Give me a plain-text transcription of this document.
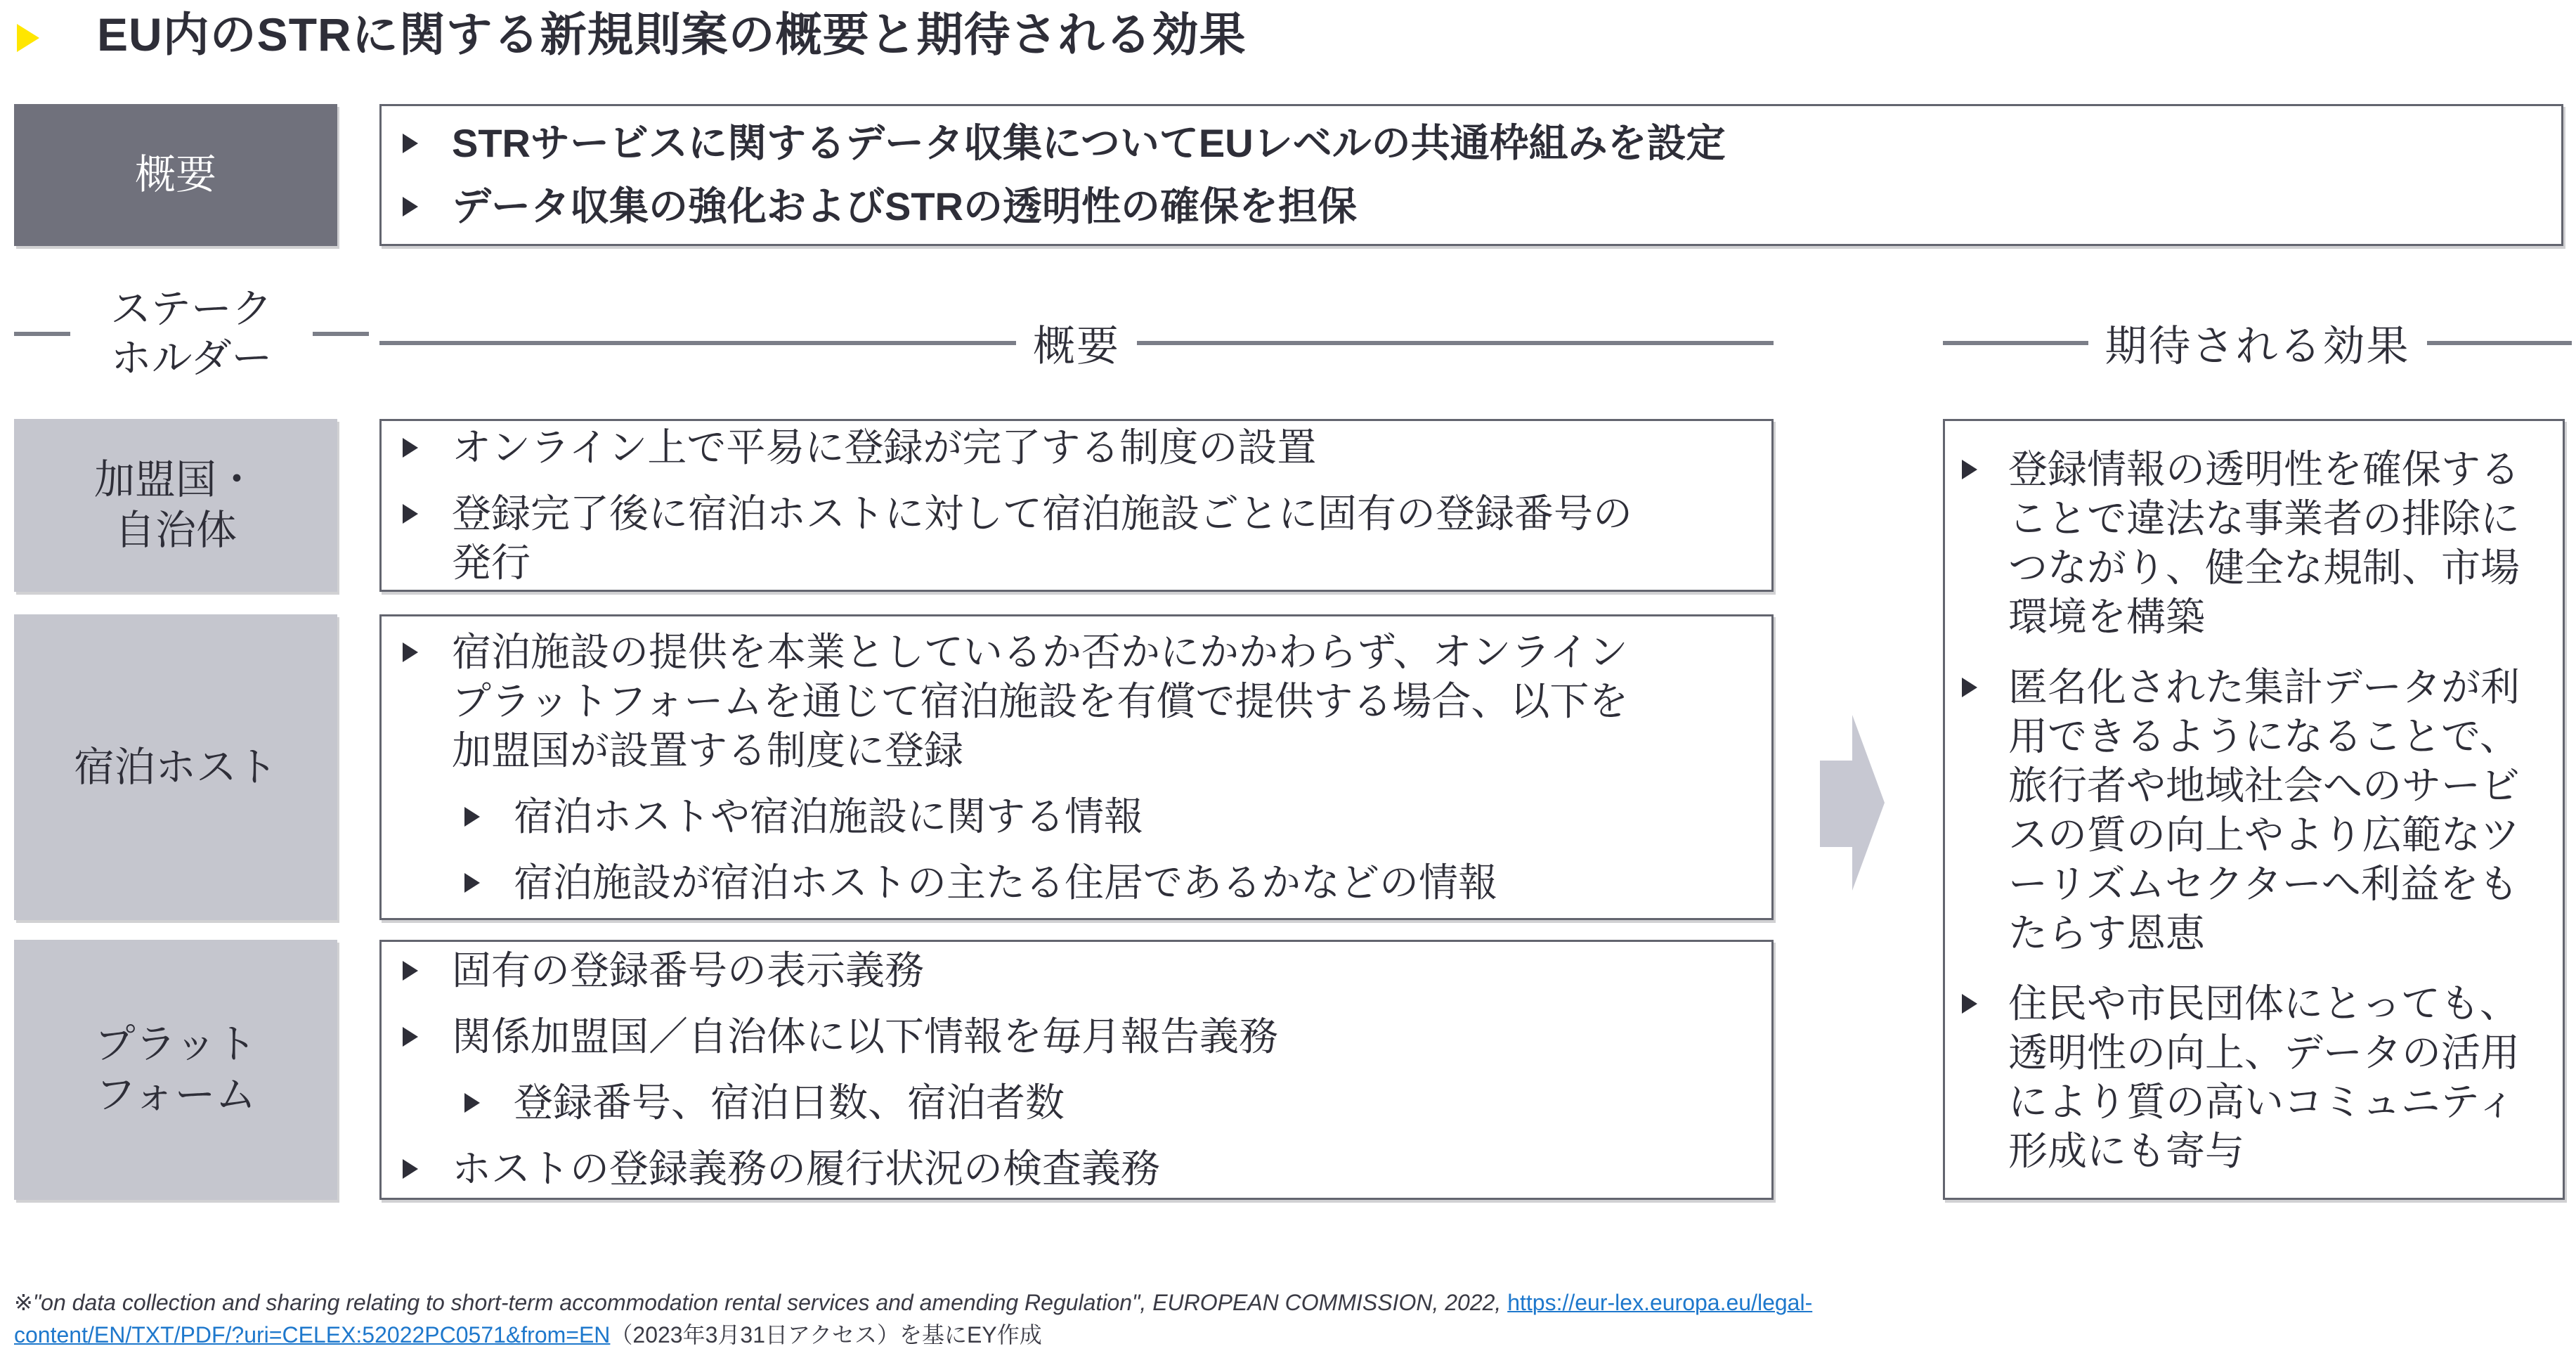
EU内のSTRに関する新規則案の概要と期待される効果
概要
STRサービスに関するデータ収集についてEUレベルの共通枠組みを設定
データ収集の強化およびSTRの透明性の確保を担保
ステーク
ホルダー	概要	期待される効果
加盟国・
自治体
オンライン上で平易に登録が完了する制度の設置
登録完了後に宿泊ホストに対して宿泊施設ごとに固有の登録番号の発行
宿泊ホスト
宿泊施設の提供を本業としているか否かにかかわらず、オンラインプラットフォームを通じて宿泊施設を有償で提供する場合、以下を加盟国が設置する制度に登録
宿泊ホストや宿泊施設に関する情報
宿泊施設が宿泊ホストの主たる住居であるかなどの情報
プラット
フォーム
固有の登録番号の表示義務
関係加盟国／自治体に以下情報を毎月報告義務
登録番号、宿泊日数、宿泊者数
ホストの登録義務の履行状況の検査義務
登録情報の透明性を確保することで違法な事業者の排除につながり、健全な規制、市場環境を構築
匿名化された集計データが利用できるようになることで、旅行者や地域社会へのサービスの質の向上やより広範なツーリズムセクターへ利益をもたらす恩恵
住民や市民団体にとっても、透明性の向上、データの活用により質の高いコミュニティ形成にも寄与
※"on data collection and sharing relating to short-term accommodation rental services and amending Regulation", EUROPEAN COMMISSION, 2022, https://eur-lex.europa.eu/legal-content/EN/TXT/PDF/?uri=CELEX:52022PC0571&from=EN（2023年3月31日アクセス）を基にEY作成
